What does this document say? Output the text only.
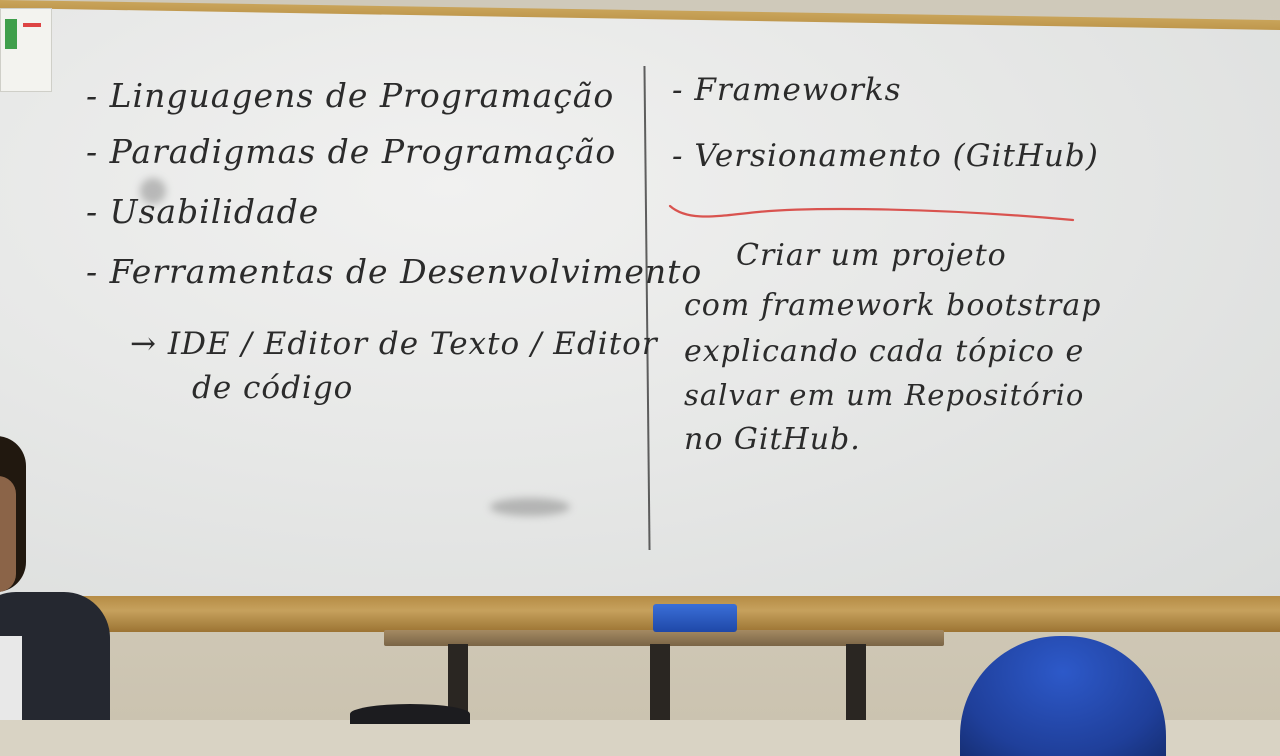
- Linguagens de Programação

- Paradigmas de Programação

- Usabilidade

- Ferramentas de Desenvolvimento

→ IDE / Editor de Texto / Editor

de código

- Frameworks

- Versionamento (GitHub)

Criar um projeto

com framework bootstrap

explicando cada tópico e

salvar em um Repositório

no GitHub.
